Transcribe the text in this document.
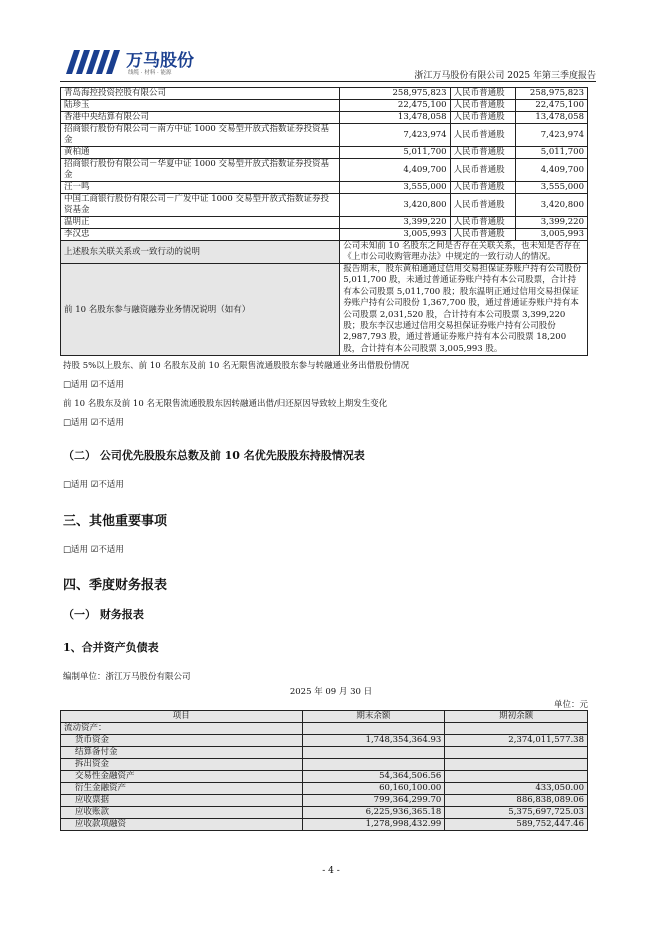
万马股份
线缆 · 材料 · 能源	浙江万马股份有限公司 2025 年第三季度报告
青岛海控投资控股有限公司	258,975,823	人民币普通股	258,975,823
陆珍玉	22,475,100	人民币普通股	22,475,100
香港中央结算有限公司	13,478,058	人民币普通股	13,478,058
招商银行股份有限公司－南方中证 1000 交易型开放式指数证券投资基金	7,423,974	人民币普通股	7,423,974
黄柏通	5,011,700	人民币普通股	5,011,700
招商银行股份有限公司－华夏中证 1000 交易型开放式指数证券投资基金	4,409,700	人民币普通股	4,409,700
汪一鸣	3,555,000	人民币普通股	3,555,000
中国工商银行股份有限公司－广发中证 1000 交易型开放式指数证券投资基金	3,420,800	人民币普通股	3,420,800
温明正	3,399,220	人民币普通股	3,399,220
李汉忠	3,005,993	人民币普通股	3,005,993
上述股东关联关系或一致行动的说明	公司未知前 10 名股东之间是否存在关联关系，也未知是否存在《上市公司收购管理办法》中规定的一致行动人的情况。		
前 10 名股东参与融资融券业务情况说明（如有）	报告期末，股东黄柏通通过信用交易担保证券账户持有公司股份 5,011,700 股，未通过普通证券账户持有本公司股票，合计持有本公司股票 5,011,700 股；股东温明正通过信用交易担保证券账户持有公司股份 1,367,700 股，通过普通证券账户持有本公司股票 2,031,520 股，合计持有本公司股票 3,399,220 股；股东李汉忠通过信用交易担保证券账户持有公司股份 2,987,793 股，通过普通证券账户持有本公司股票 18,200 股，合计持有本公司股票 3,005,993 股。		
持股 5%以上股东、前 10 名股东及前 10 名无限售流通股股东参与转融通业务出借股份情况
□适用 ☑不适用
前 10 名股东及前 10 名无限售流通股股东因转融通出借/归还原因导致较上期发生变化
□适用 ☑不适用
（二） 公司优先股股东总数及前 10 名优先股股东持股情况表
□适用 ☑不适用
三、其他重要事项
□适用 ☑不适用
四、季度财务报表
（一） 财务报表
1、合并资产负债表
编制单位：浙江万马股份有限公司
2025 年 09 月 30 日
单位：元
项目	期末余额	期初余额
流动资产：		
货币资金	1,748,354,364.93	2,374,011,577.38
结算备付金		
拆出资金		
交易性金融资产	54,364,506.56	
衍生金融资产	60,160,100.00	433,050.00
应收票据	799,364,299.70	886,838,089.06
应收账款	6,225,936,365.18	5,375,697,725.03
应收款项融资	1,278,998,432.99	589,752,447.46
- 4 -
